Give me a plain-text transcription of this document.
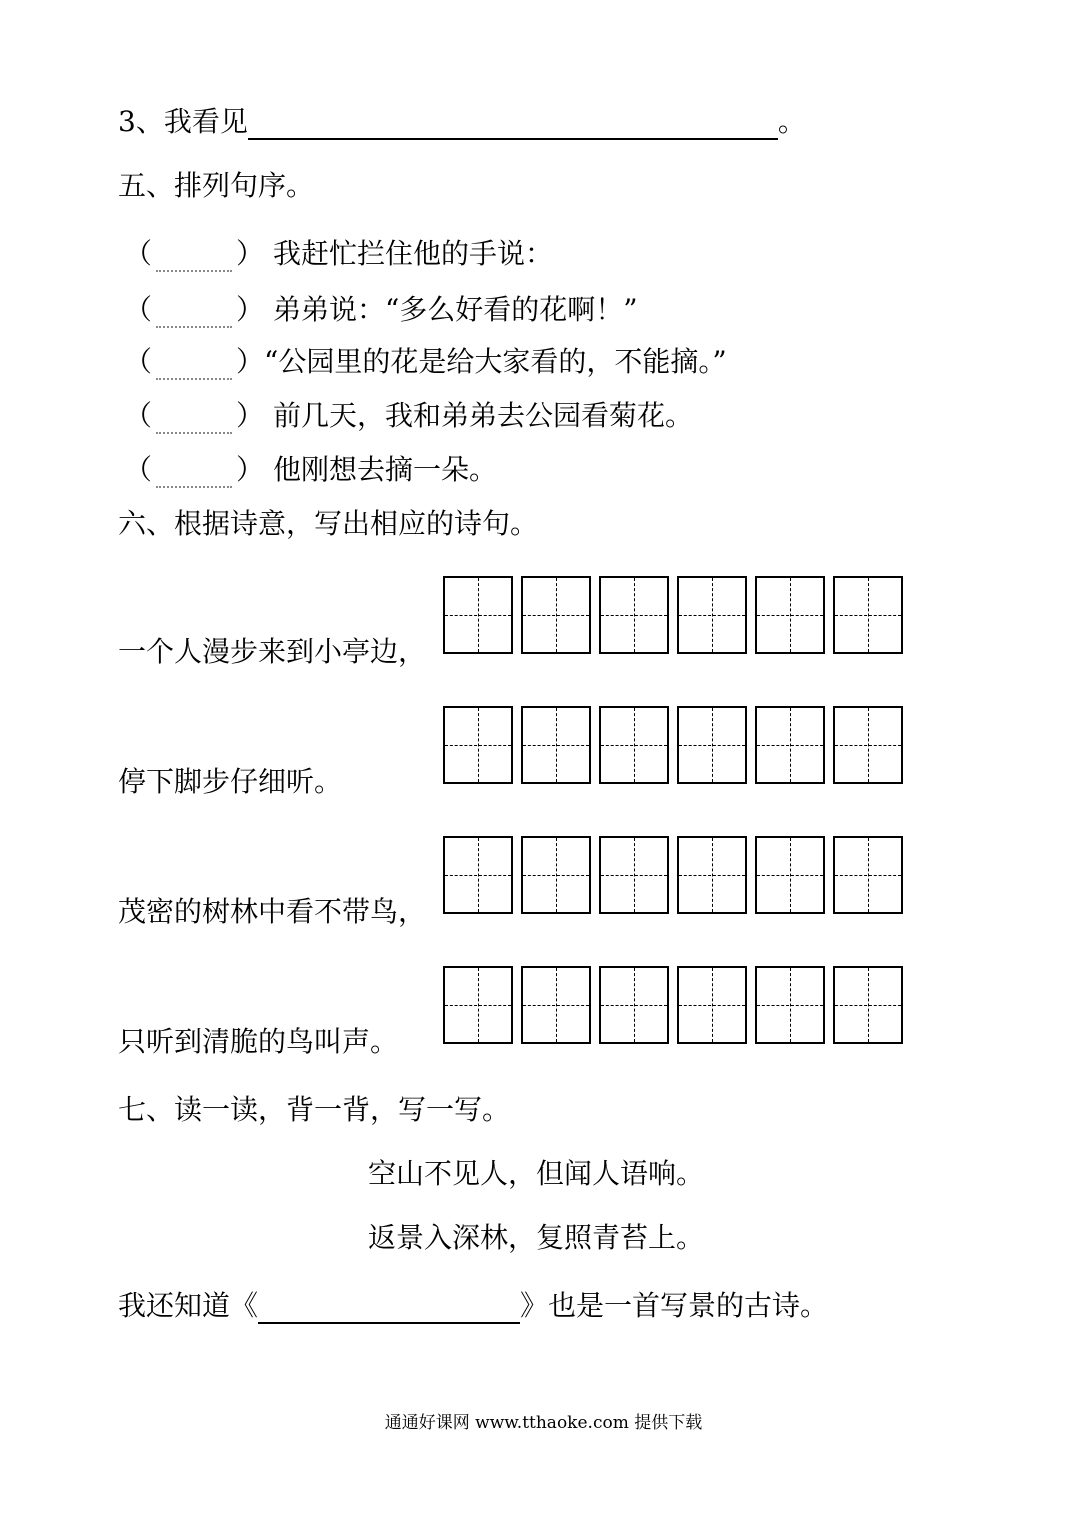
3、我看见	。
五、排列句序。
（	） 我赶忙拦住他的手说：
（	） 弟弟说：“多么好看的花啊！”
（	）“公园里的花是给大家看的，不能摘。”
（	） 前几天，我和弟弟去公园看菊花。
（	） 他刚想去摘一朵。
六、根据诗意，写出相应的诗句。
一个人漫步来到小亭边，
停下脚步仔细听。
茂密的树林中看不带鸟，
只听到清脆的鸟叫声。
七、读一读，背一背，写一写。
空山不见人，但闻人语响。
返景入深林，复照青苔上。
我还知道《	》也是一首写景的古诗。
通通好课网 www.tthaoke.com 提供下载
